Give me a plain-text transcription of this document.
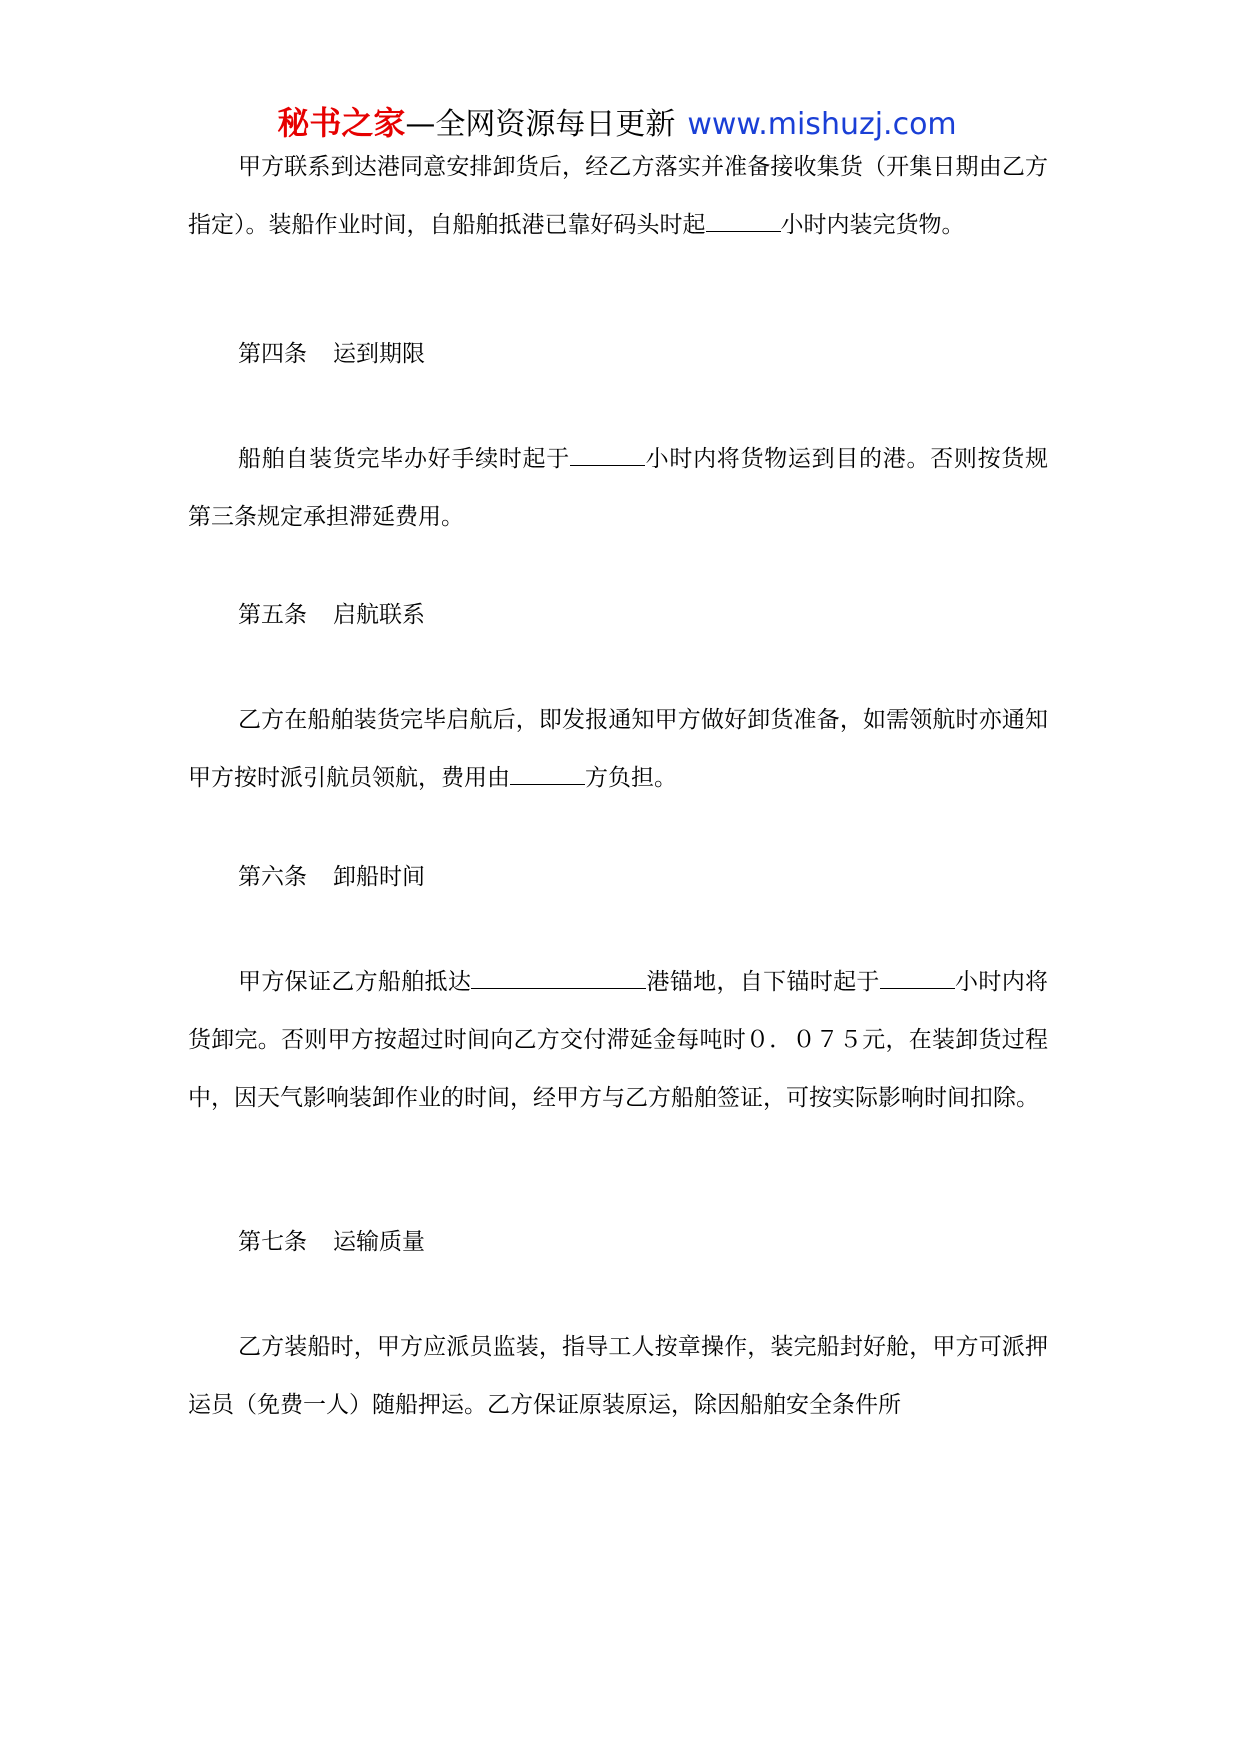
秘书之家—全网资源每日更新 www.mishuzj.com

甲方联系到达港同意安排卸货后，经乙方落实并准备接收集货（开集日期由乙方指定）。装船作业时间，自船舶抵港已靠好码头时起	小时内装完货物。

第四条 运到期限

船舶自装货完毕办好手续时起于	小时内将货物运到目的港。否则按货规第三条规定承担滞延费用。

第五条 启航联系

乙方在船舶装货完毕启航后，即发报通知甲方做好卸货准备，如需领航时亦通知甲方按时派引航员领航，费用由	方负担。

第六条 卸船时间

甲方保证乙方船舶抵达	港锚地，自下锚时起于	小时内将货卸完。否则甲方按超过时间向乙方交付滞延金每吨时０．０７５元，在装卸货过程中，因天气影响装卸作业的时间，经甲方与乙方船舶签证，可按实际影响时间扣除。

第七条 运输质量

乙方装船时，甲方应派员监装，指导工人按章操作，装完船封好舱，甲方可派押运员（免费一人）随船押运。乙方保证原装原运，除因船舶安全条件所
